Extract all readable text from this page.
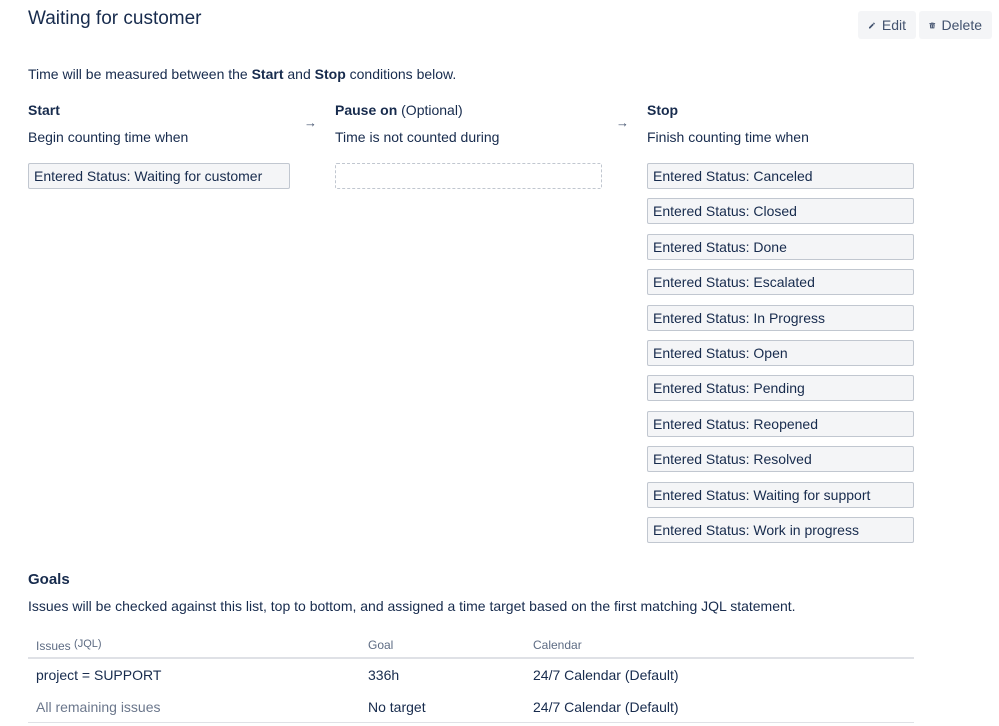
Waiting for customer	Edit	Delete
Time will be measured between the Start and Stop conditions below.
Start
Begin counting time when
Entered Status: Waiting for customer
→
Pause on (Optional)
Time is not counted during
→
Stop
Finish counting time when
Entered Status: Canceled
Entered Status: Closed
Entered Status: Done
Entered Status: Escalated
Entered Status: In Progress
Entered Status: Open
Entered Status: Pending
Entered Status: Reopened
Entered Status: Resolved
Entered Status: Waiting for support
Entered Status: Work in progress
Goals
Issues will be checked against this list, top to bottom, and assigned a time target based on the first matching JQL statement.
Issues $^{(JQL)}$	Goal	Calendar
project = SUPPORT	336h	24/7 Calendar (Default)
All remaining issues	No target	24/7 Calendar (Default)
